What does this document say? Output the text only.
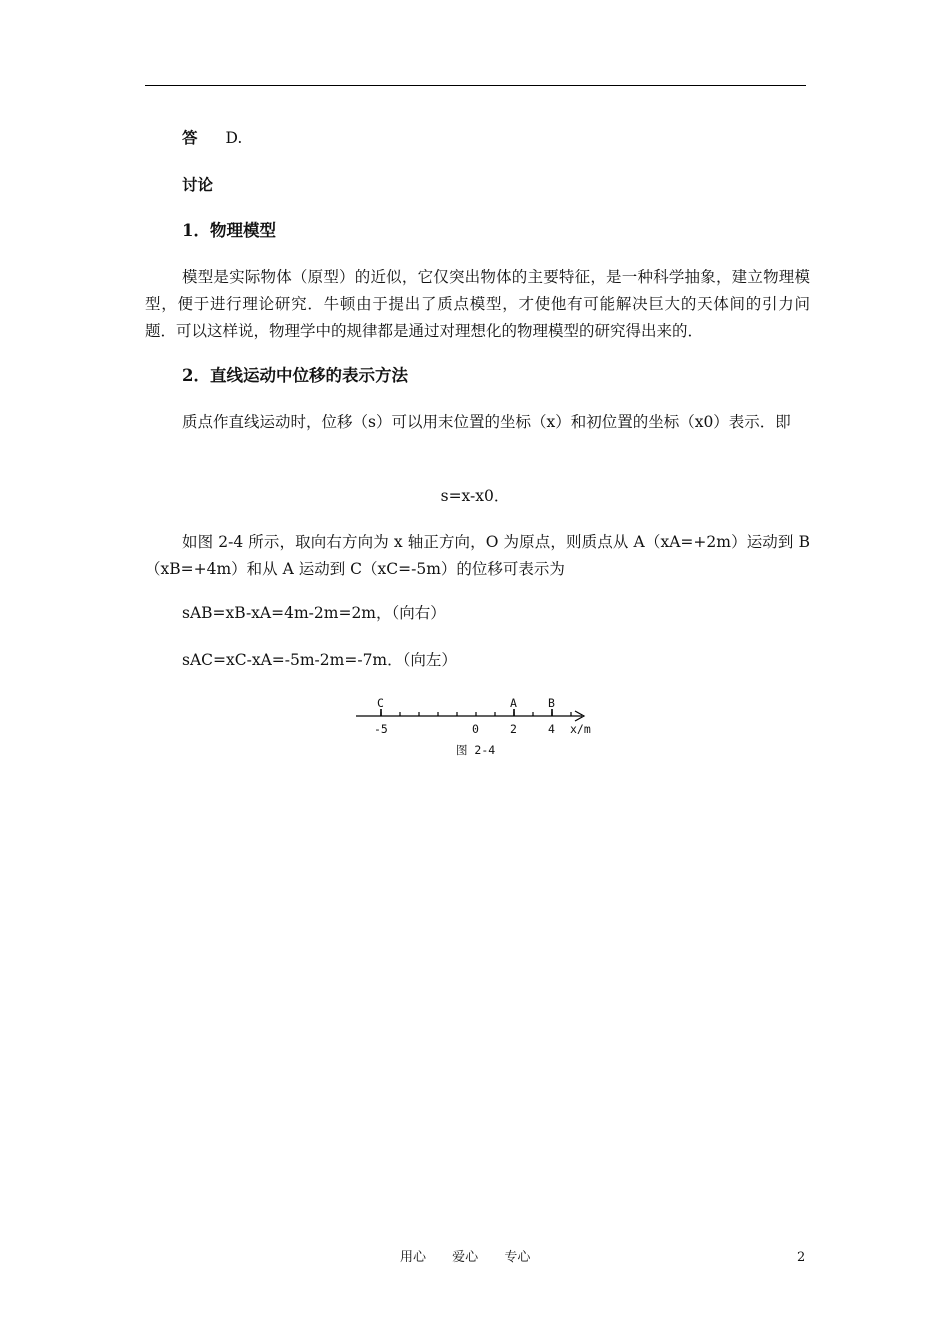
答 D.
讨论
1．物理模型
模型是实际物体（原型）的近似，它仅突出物体的主要特征，是一种科学抽象，建立物理模型，便于进行理论研究．牛顿由于提出了质点模型，才使他有可能解决巨大的天体间的引力问题．可以这样说，物理学中的规律都是通过对理想化的物理模型的研究得出来的．
2．直线运动中位移的表示方法
质点作直线运动时，位移（s）可以用末位置的坐标（x）和初位置的坐标（x0）表示．即
s=x-x0．
如图 2-4 所示，取向右方向为 x 轴正方向，O 为原点，则质点从 A（xA=+2m）运动到 B（xB=+4m）和从 A 运动到 C（xC=-5m）的位移可表示为
sAB=xB-xA=4m-2m=2m，（向右）
sAC=xC-xA=-5m-2m=-7m．（向左）
C	A	B
-5	0	2	4 x/m
图 2-4
用心 爱心 专心	2
